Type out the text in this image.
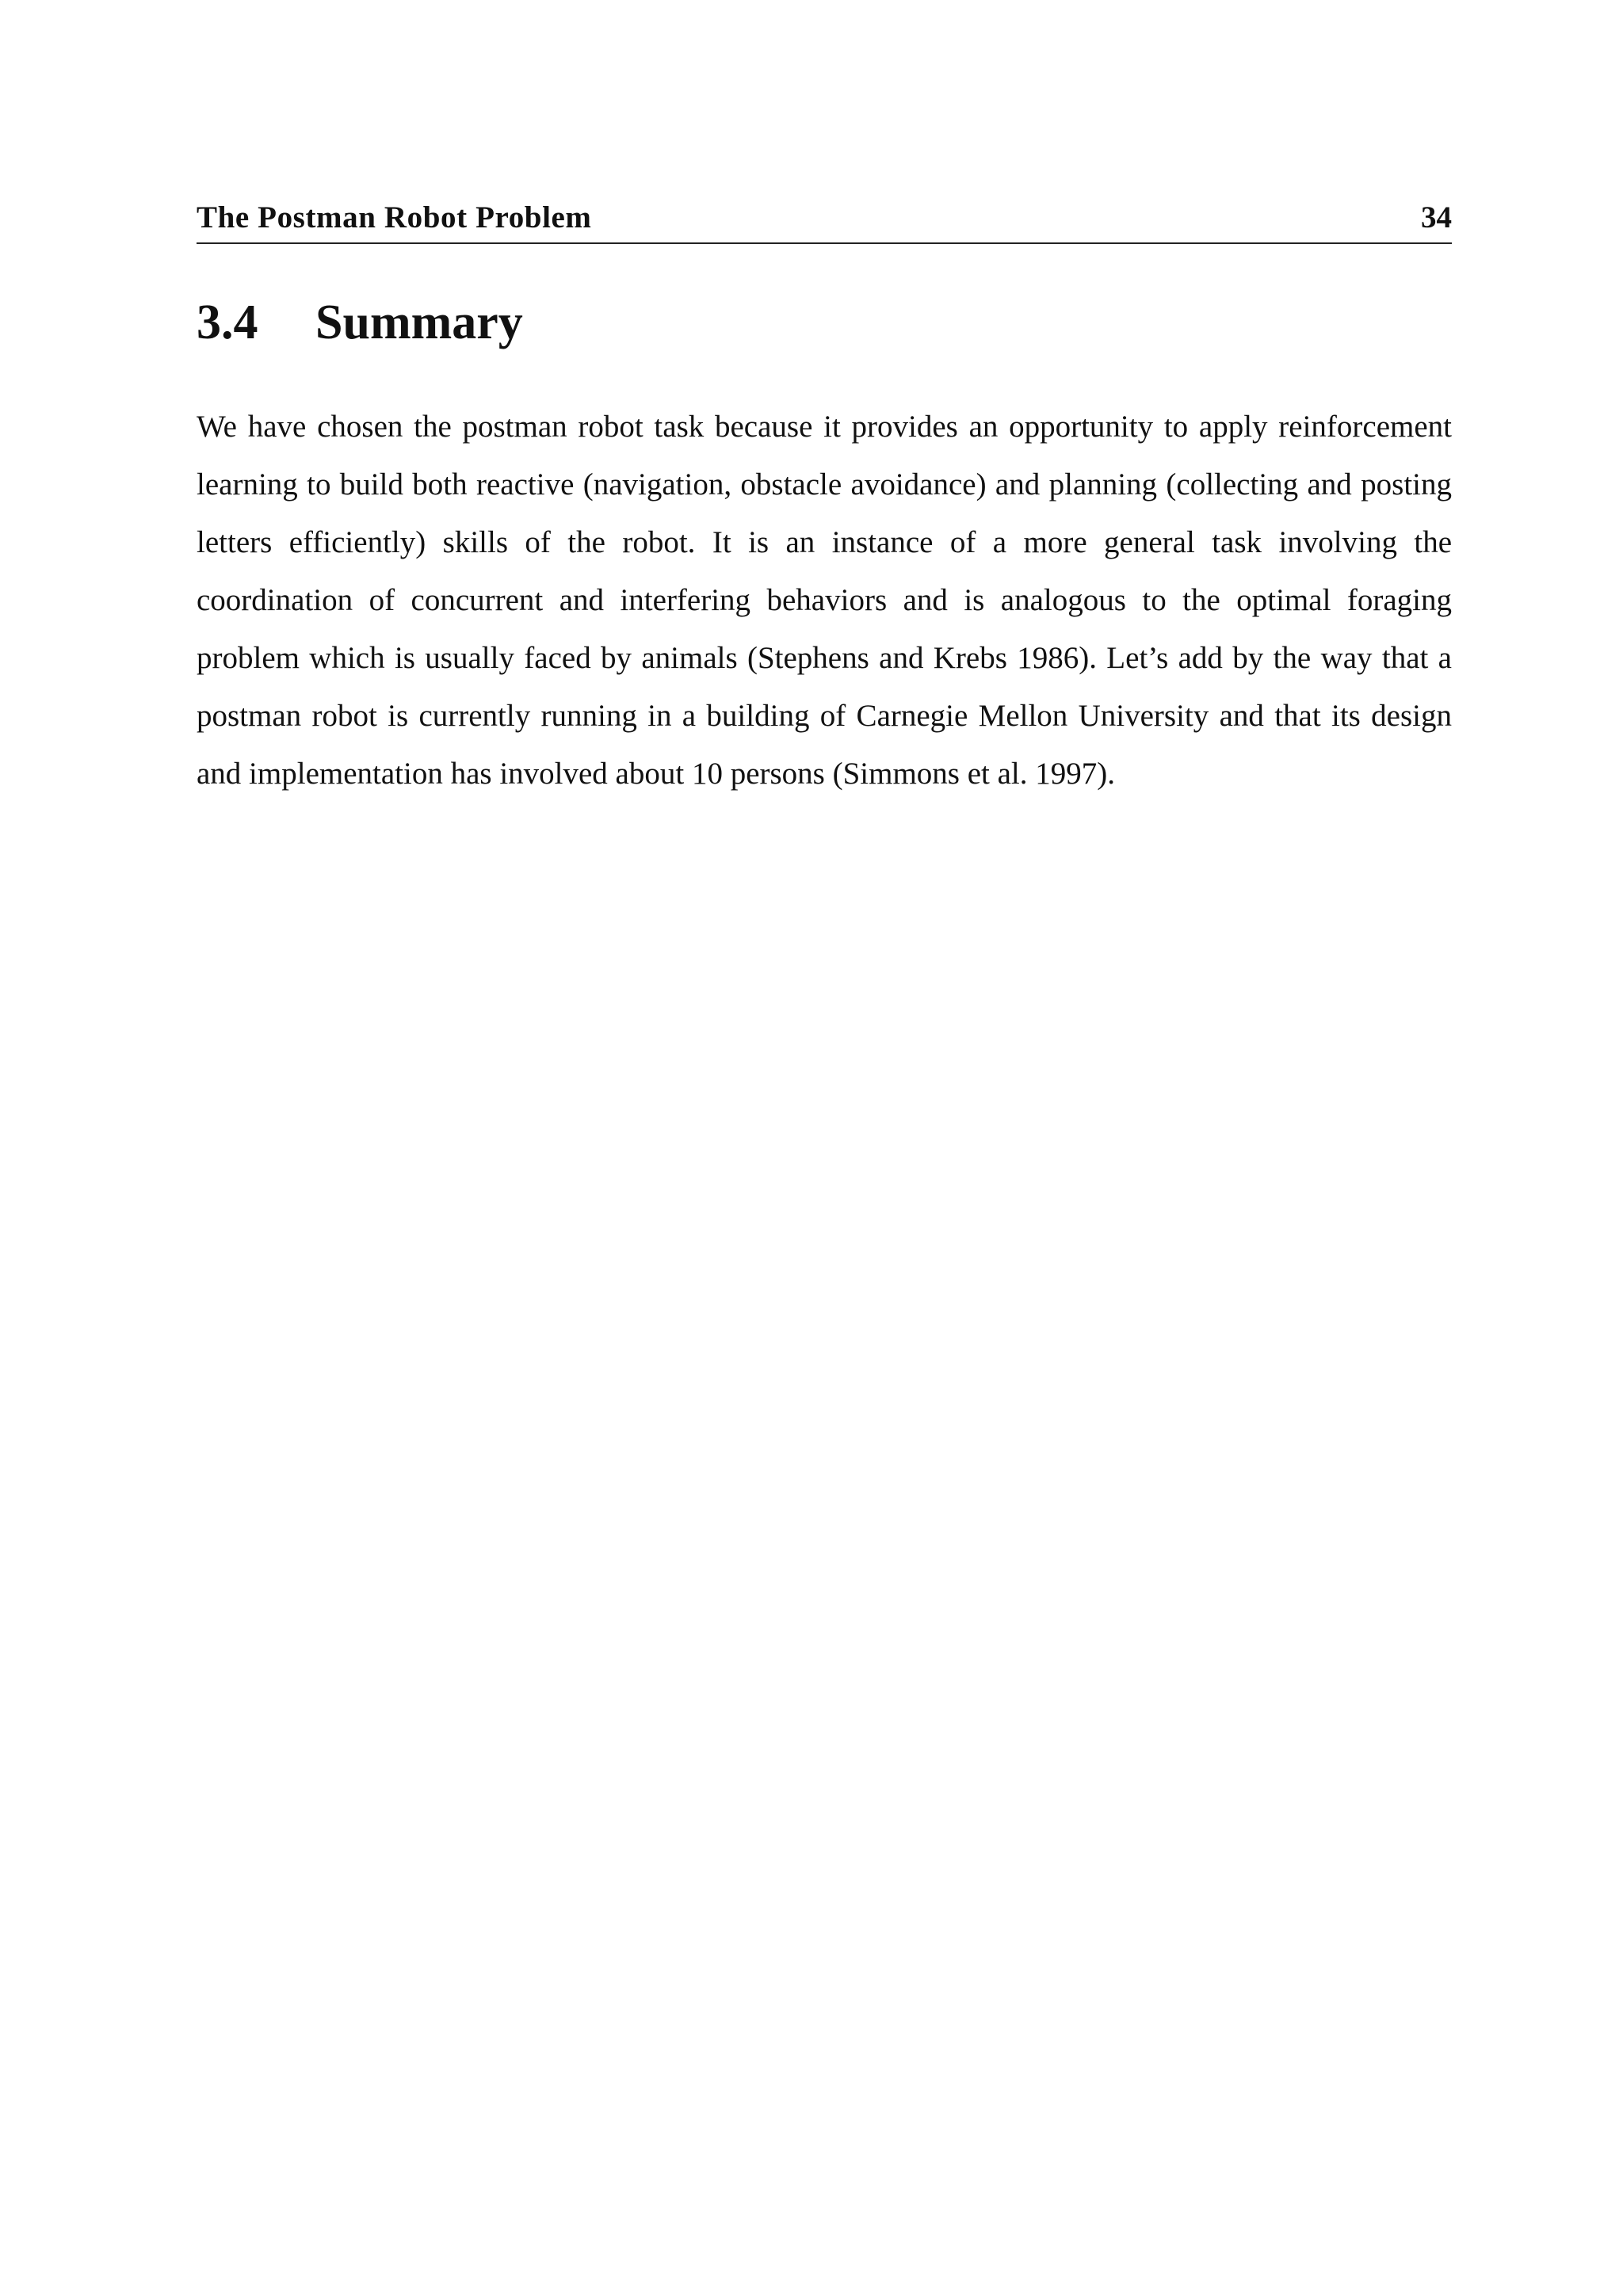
The Postman Robot Problem	34
3.4 Summary

We have chosen the postman robot task because it provides an opportunity to apply reinforcement learning to build both reactive (navigation, obstacle avoidance) and planning (collecting and posting letters efficiently) skills of the robot. It is an instance of a more general task involving the coordination of concurrent and interfering behaviors and is analogous to the optimal foraging problem which is usually faced by animals (Stephens and Krebs 1986). Let’s add by the way that a postman robot is currently running in a building of Carnegie Mellon University and that its design and implementation has involved about 10 persons (Simmons et al. 1997).
